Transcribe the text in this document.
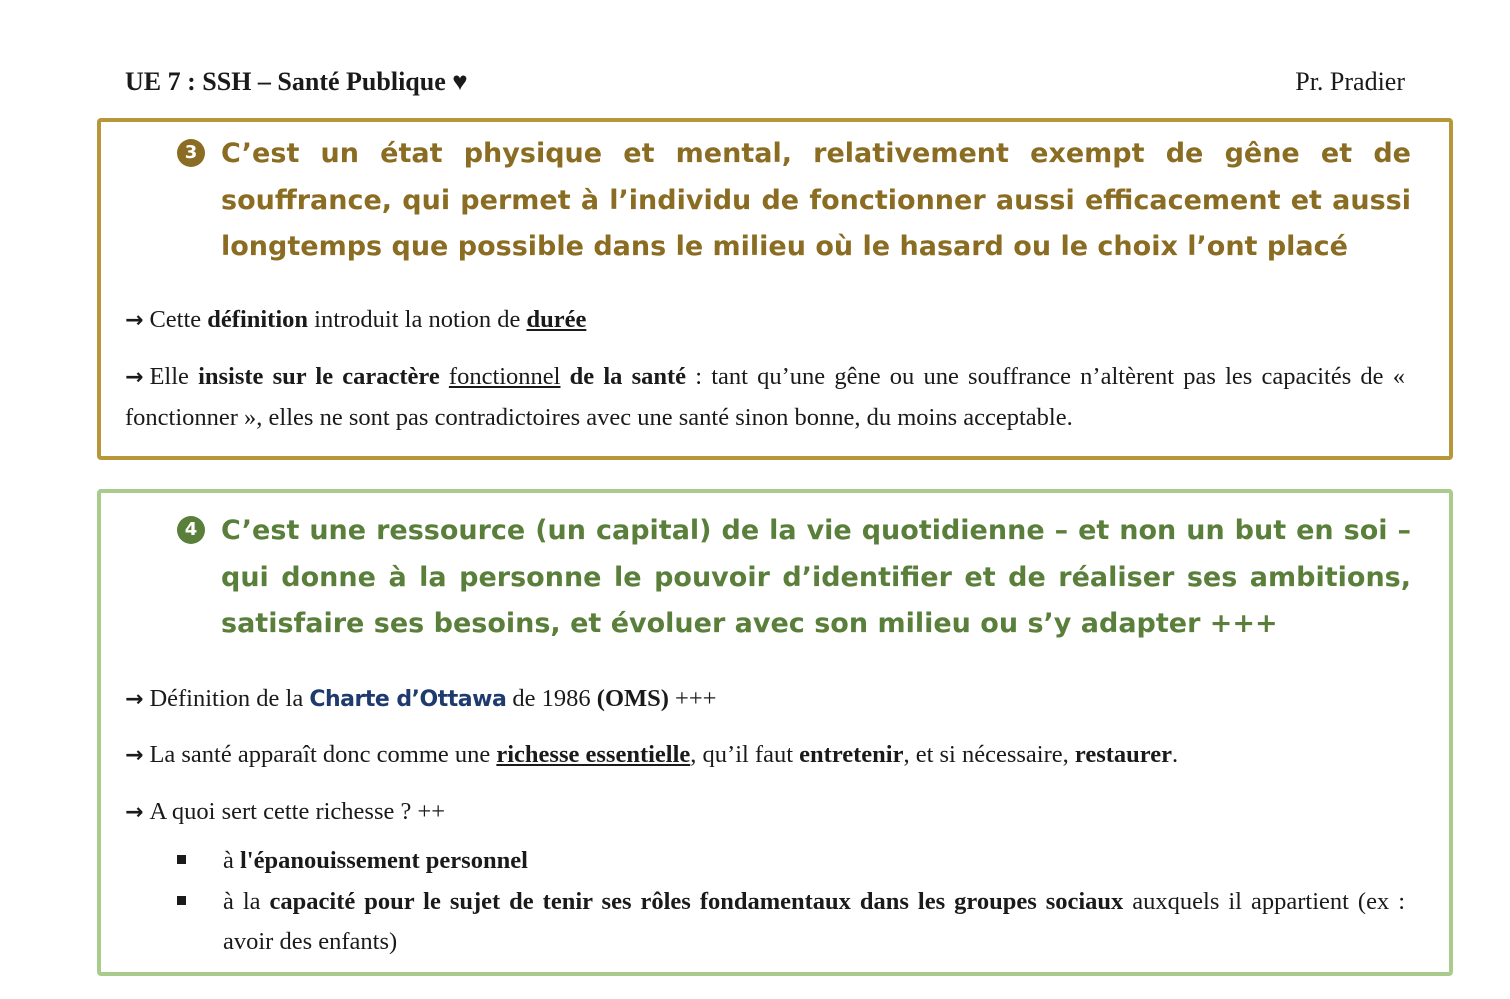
UE 7 : SSH – Santé Publique ♥	Pr. Pradier
3 C’est un état physique et mental, relativement exempt de gêne et de souffrance, qui permet à l’individu de fonctionner aussi efficacement et aussi longtemps que possible dans le milieu où le hasard ou le choix l’ont placé
→ Cette définition introduit la notion de durée
→ Elle insiste sur le caractère fonctionnel de la santé : tant qu’une gêne ou une souffrance n’altèrent pas les capacités de « fonctionner », elles ne sont pas contradictoires avec une santé sinon bonne, du moins acceptable.
4 C’est une ressource (un capital) de la vie quotidienne – et non un but en soi – qui donne à la personne le pouvoir d’identifier et de réaliser ses ambitions, satisfaire ses besoins, et évoluer avec son milieu ou s’y adapter +++
→ Définition de la Charte d’Ottawa de 1986 (OMS) +++
→ La santé apparaît donc comme une richesse essentielle, qu’il faut entretenir, et si nécessaire, restaurer.
→ A quoi sert cette richesse ? ++
à l'épanouissement personnel
à la capacité pour le sujet de tenir ses rôles fondamentaux dans les groupes sociaux auxquels il appartient (ex : avoir des enfants)
